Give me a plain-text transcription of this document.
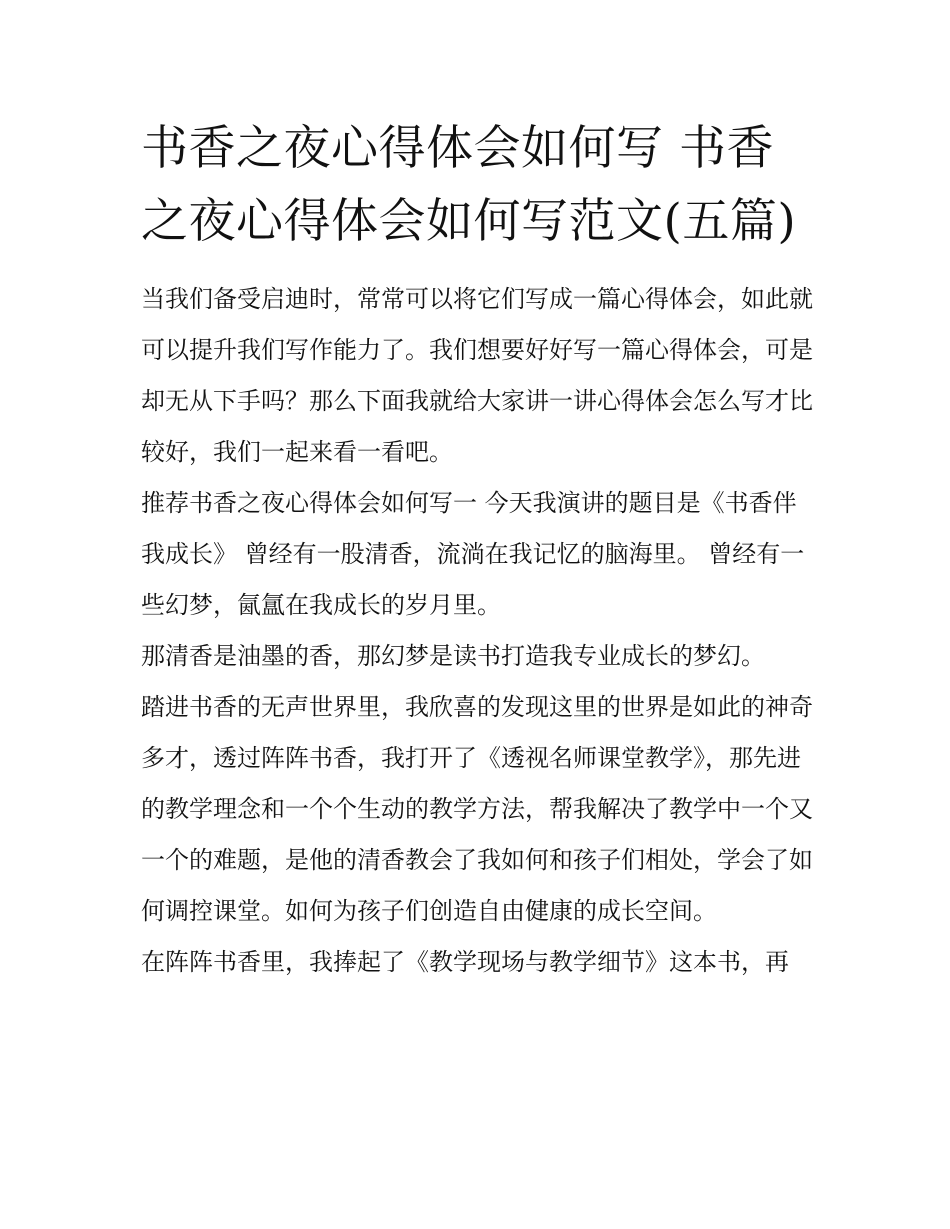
书香之夜心得体会如何写 书香之夜心得体会如何写范文(五篇)

当我们备受启迪时，常常可以将它们写成一篇心得体会，如此就可以提升我们写作能力了。我们想要好好写一篇心得体会，可是却无从下手吗？那么下面我就给大家讲一讲心得体会怎么写才比较好，我们一起来看一看吧。

推荐书香之夜心得体会如何写一 今天我演讲的题目是《书香伴我成长》 曾经有一股清香，流淌在我记忆的脑海里。 曾经有一些幻梦，氤氲在我成长的岁月里。

那清香是油墨的香，那幻梦是读书打造我专业成长的梦幻。

踏进书香的无声世界里，我欣喜的发现这里的世界是如此的神奇多才，透过阵阵书香，我打开了《透视名师课堂教学》，那先进的教学理念和一个个生动的教学方法，帮我解决了教学中一个又一个的难题，是他的清香教会了我如何和孩子们相处，学会了如何调控课堂。如何为孩子们创造自由健康的成长空间。

在阵阵书香里，我捧起了《教学现场与教学细节》这本书，再
